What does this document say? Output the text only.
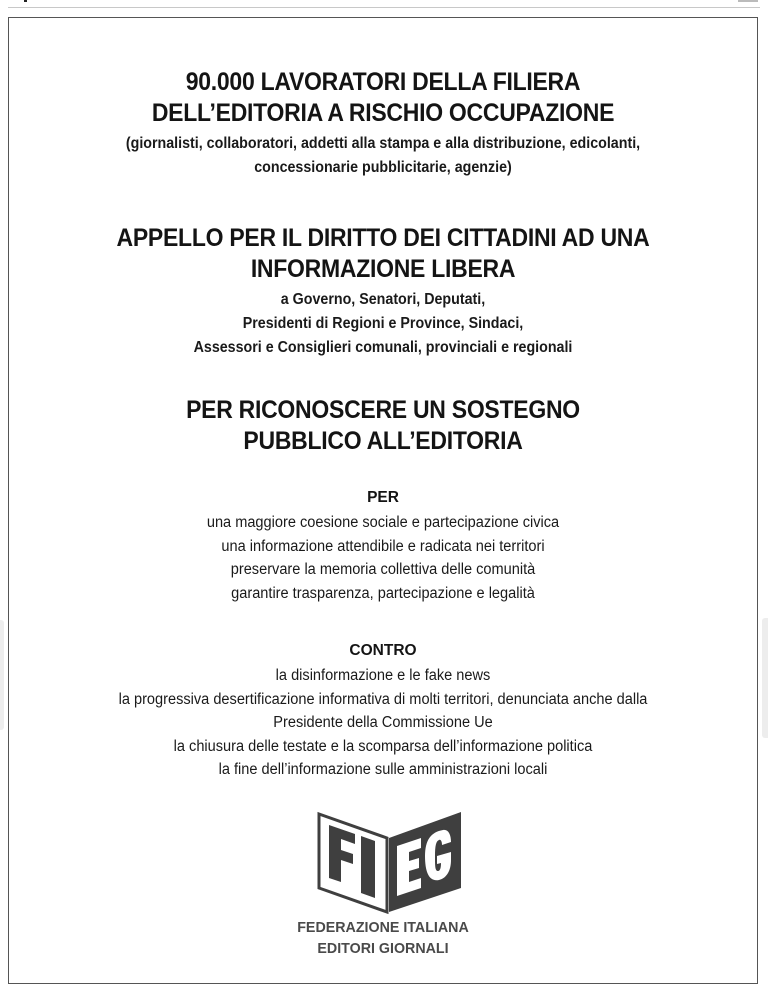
90.000 LAVORATORI DELLA FILIERA
DELL’EDITORIA A RISCHIO OCCUPAZIONE
(giornalisti, collaboratori, addetti alla stampa e alla distribuzione, edicolanti,
concessionarie pubblicitarie, agenzie)
APPELLO PER IL DIRITTO DEI CITTADINI AD UNA
INFORMAZIONE LIBERA
a Governo, Senatori, Deputati,
Presidenti di Regioni e Province, Sindaci,
Assessori e Consiglieri comunali, provinciali e regionali
PER RICONOSCERE UN SOSTEGNO
PUBBLICO ALL’EDITORIA
PER
una maggiore coesione sociale e partecipazione civica
una informazione attendibile e radicata nei territori
preservare la memoria collettiva delle comunità
garantire trasparenza, partecipazione e legalità
CONTRO
la disinformazione e le fake news
la progressiva desertificazione informativa di molti territori, denunciata anche dalla
Presidente della Commissione Ue
la chiusura delle testate e la scomparsa dell’informazione politica
la fine dell’informazione sulle amministrazioni locali
FEDERAZIONE ITALIANA
EDITORI GIORNALI
